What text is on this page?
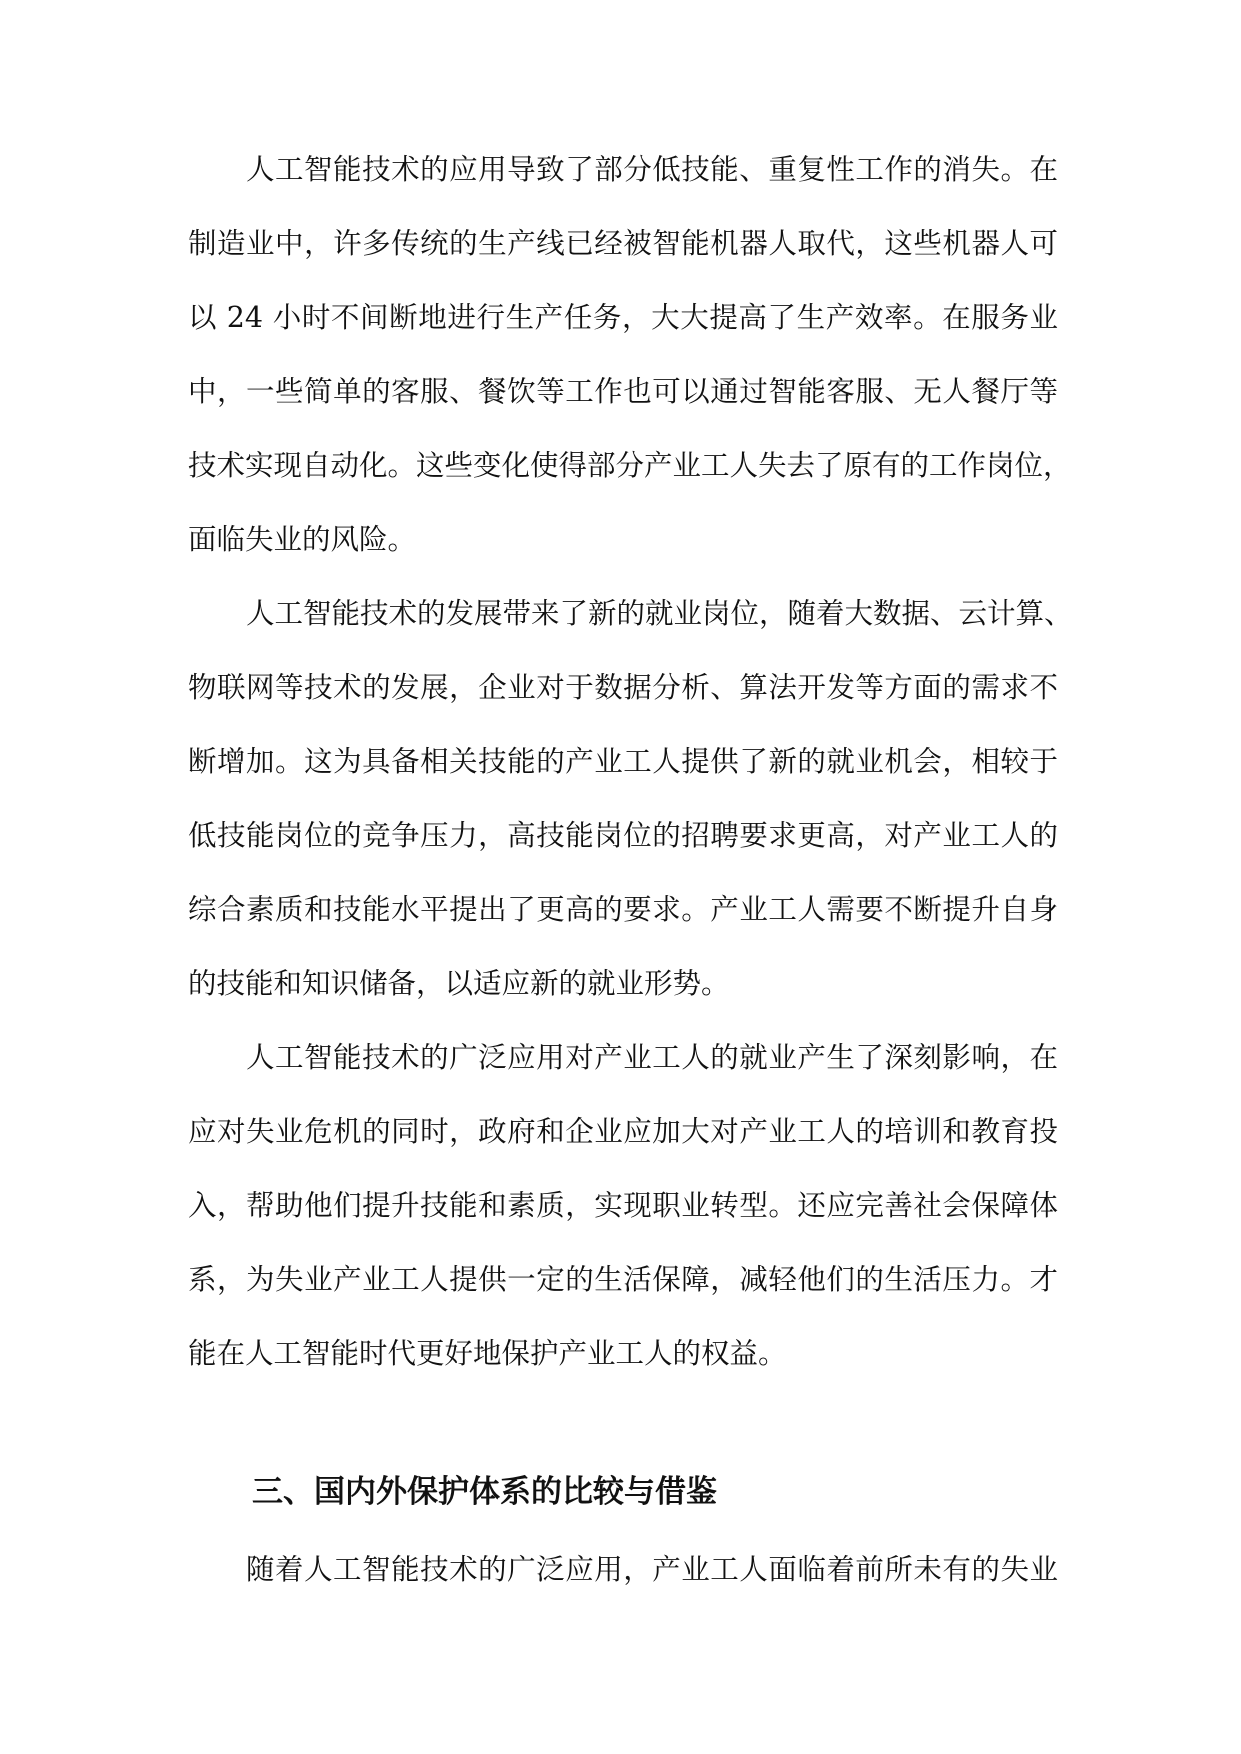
人工智能技术的应用导致了部分低技能、重复性工作的消失。在
制造业中，许多传统的生产线已经被智能机器人取代，这些机器人可
以 24 小时不间断地进行生产任务，大大提高了生产效率。在服务业
中，一些简单的客服、餐饮等工作也可以通过智能客服、无人餐厅等
技术实现自动化。这些变化使得部分产业工人失去了原有的工作岗位，
面临失业的风险。
人工智能技术的发展带来了新的就业岗位，随着大数据、云计算、
物联网等技术的发展，企业对于数据分析、算法开发等方面的需求不
断增加。这为具备相关技能的产业工人提供了新的就业机会，相较于
低技能岗位的竞争压力，高技能岗位的招聘要求更高，对产业工人的
综合素质和技能水平提出了更高的要求。产业工人需要不断提升自身
的技能和知识储备，以适应新的就业形势。
人工智能技术的广泛应用对产业工人的就业产生了深刻影响，在
应对失业危机的同时，政府和企业应加大对产业工人的培训和教育投
入，帮助他们提升技能和素质，实现职业转型。还应完善社会保障体
系，为失业产业工人提供一定的生活保障，减轻他们的生活压力。才
能在人工智能时代更好地保护产业工人的权益。
三、国内外保护体系的比较与借鉴
随着人工智能技术的广泛应用，产业工人面临着前所未有的失业
